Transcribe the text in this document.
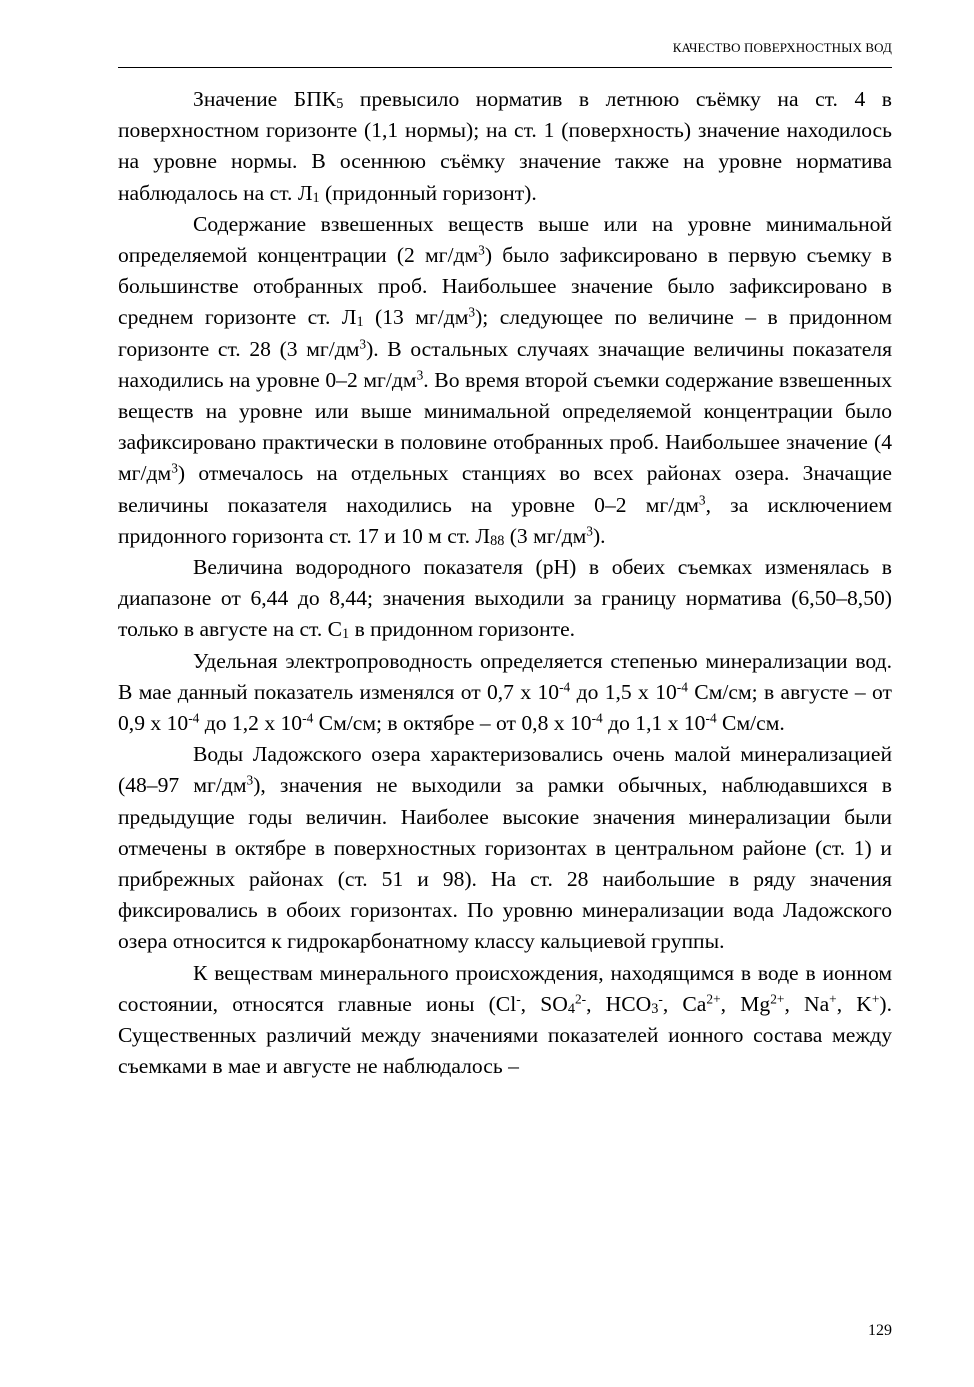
КАЧЕСТВО ПОВЕРХНОСТНЫХ ВОД

Значение $БПК_5$ превысило норматив в летнюю съёмку на ст. 4 в поверхностном горизонте (1,1 нормы); на ст. 1 (поверхность) значение находилось на уровне нормы. В осеннюю съёмку значение также на уровне норматива наблюдалось на ст. $Л_1$ (придонный горизонт).

Содержание взвешенных веществ выше или на уровне минимальной определяемой концентрации (2 $мг/дм^3$) было зафиксировано в первую съемку в большинстве отобранных проб. Наибольшее значение было зафиксировано в среднем горизонте ст. $Л_1$ (13 $мг/дм^3$); следующее по величине – в придонном горизонте ст. 28 (3 $мг/дм^3$). В остальных случаях значащие величины показателя находились на уровне 0–2 $мг/дм^3$. Во время второй съемки содержание взвешенных веществ на уровне или выше минимальной определяемой концентрации было зафиксировано практически в половине отобранных проб. Наибольшее значение (4 $мг/дм^3$) отмечалось на отдельных станциях во всех районах озера. Значащие величины показателя находились на уровне 0–2 $мг/дм^3$, за исключением придонного горизонта ст. 17 и 10 м ст. $Л_{88}$ (3 $мг/дм^3$).

Величина водородного показателя (pH) в обеих съемках изменялась в диапазоне от 6,44 до 8,44; значения выходили за границу норматива (6,50–8,50) только в августе на ст. $С_1$ в придонном горизонте.

Удельная электропроводность определяется степенью минерализации вод. В мае данный показатель изменялся от 0,7 х $10^{-4}$ до 1,5 х $10^{-4}$ См/см; в августе – от 0,9 х $10^{-4}$ до 1,2 х $10^{-4}$ См/см; в октябре – от 0,8 х $10^{-4}$ до 1,1 х $10^{-4}$ См/см.

Воды Ладожского озера характеризовались очень малой минерализацией (48–97 $мг/дм^3$), значения не выходили за рамки обычных, наблюдавшихся в предыдущие годы величин. Наиболее высокие значения минерализации были отмечены в октябре в поверхностных горизонтах в центральном районе (ст. 1) и прибрежных районах (ст. 51 и 98). На ст. 28 наибольшие в ряду значения фиксировались в обоих горизонтах. По уровню минерализации вода Ладожского озера относится к гидрокарбонатному классу кальциевой группы.

К веществам минерального происхождения, находящимся в воде в ионном состоянии, относятся главные ионы (Cl-, $SO_4^{2-}$, $HCO_3^-$, $Ca^{2+}$, $Mg^{2+}$, Na+, K+). Существенных различий между значениями показателей ионного состава между съемками в мае и августе не наблюдалось –

129
